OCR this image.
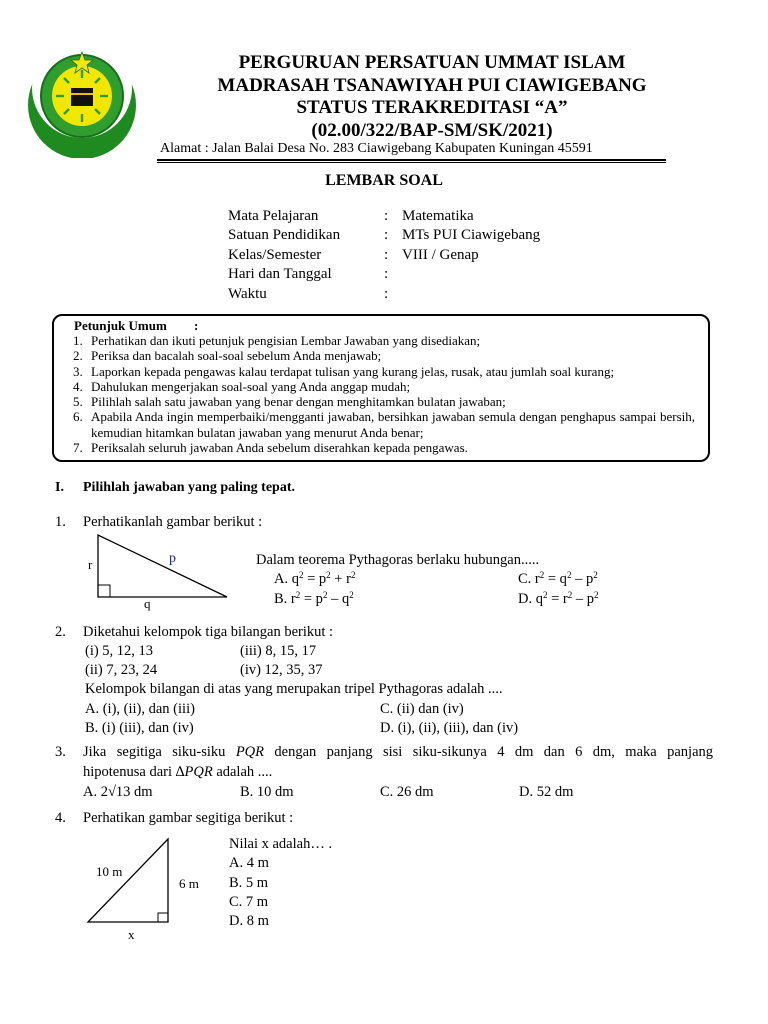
PERGURUAN PERSATUAN UMMAT ISLAM
MADRASAH TSANAWIYAH PUI CIAWIGEBANG
STATUS TERAKREDITASI “A”
(02.00/322/BAP-SM/SK/2021)
Alamat : Jalan Balai Desa No. 283 Ciawigebang Kabupaten Kuningan 45591
LEMBAR SOAL
Mata Pelajaran	: Matematika
Satuan Pendidikan	: MTs PUI Ciawigebang
Kelas/Semester	: VIII / Genap
Hari dan Tanggal	:
Waktu	:
Petunjuk Umum :
1. Perhatikan dan ikuti petunjuk pengisian Lembar Jawaban yang disediakan;
2. Periksa dan bacalah soal-soal sebelum Anda menjawab;
3. Laporkan kepada pengawas kalau terdapat tulisan yang kurang jelas, rusak, atau jumlah soal kurang;
4. Dahulukan mengerjakan soal-soal yang Anda anggap mudah;
5. Pilihlah salah satu jawaban yang benar dengan menghitamkan bulatan jawaban;
6. Apabila Anda ingin memperbaiki/mengganti jawaban, bersihkan jawaban semula dengan penghapus sampai bersih, kemudian hitamkan bulatan jawaban yang menurut Anda benar;
7. Periksalah seluruh jawaban Anda sebelum diserahkan kepada pengawas.
I. Pilihlah jawaban yang paling tepat.
1. Perhatikanlah gambar berikut :
r	p
q
Dalam teorema Pythagoras berlaku hubungan.....
A. $q^2 = p^2 + r^2$
B. $r^2 = p^2 - q^2$
C. $r^2 = q^2 - p^2$
D. $q^2 = r^2 - p^2$
2. Diketahui kelompok tiga bilangan berikut :
(i) 5, 12, 13	(iii) 8, 15, 17
(ii) 7, 23, 24	(iv) 12, 35, 37
Kelompok bilangan di atas yang merupakan tripel Pythagoras adalah ....
A. (i), (ii), dan (iii)	C. (ii) dan (iv)
B. (i) (iii), dan (iv)	D. (i), (ii), (iii), dan (iv)
3. Jika segitiga siku-siku PQR dengan panjang sisi siku-sikunya 4 dm dan 6 dm, maka panjang
hipotenusa dari ∆PQR adalah ....
A. 2√13 dm	B. 10 dm	C. 26 dm	D. 52 dm
4. Perhatikan gambar segitiga berikut :
10 m
6 m
x
Nilai x adalah… .
A. 4 m
B. 5 m
C. 7 m
D. 8 m
